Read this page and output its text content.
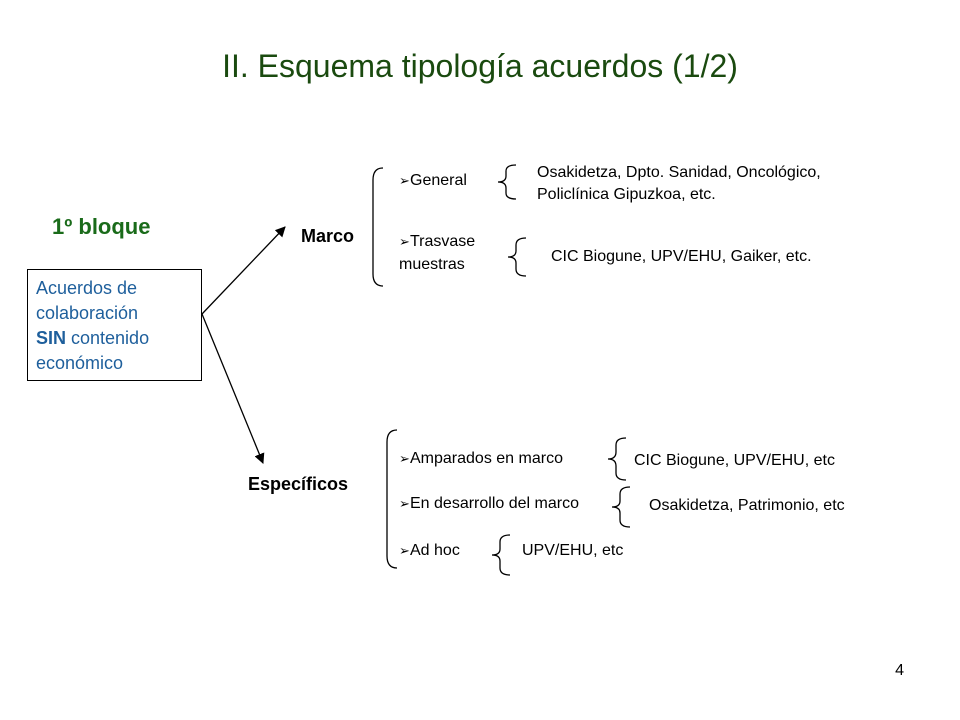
II. Esquema tipología acuerdos (1/2)
1º bloque
Acuerdos de
colaboración
SIN contenido
económico
Marco
Específicos
➢General	Osakidetza, Dpto. Sanidad, Oncológico,
Policlínica Gipuzkoa, etc.
➢Trasvase
muestras	CIC Biogune, UPV/EHU, Gaiker, etc.
➢Amparados en marco	CIC Biogune, UPV/EHU, etc
➢En desarrollo del marco	Osakidetza, Patrimonio, etc
➢Ad hoc	UPV/EHU, etc
4
